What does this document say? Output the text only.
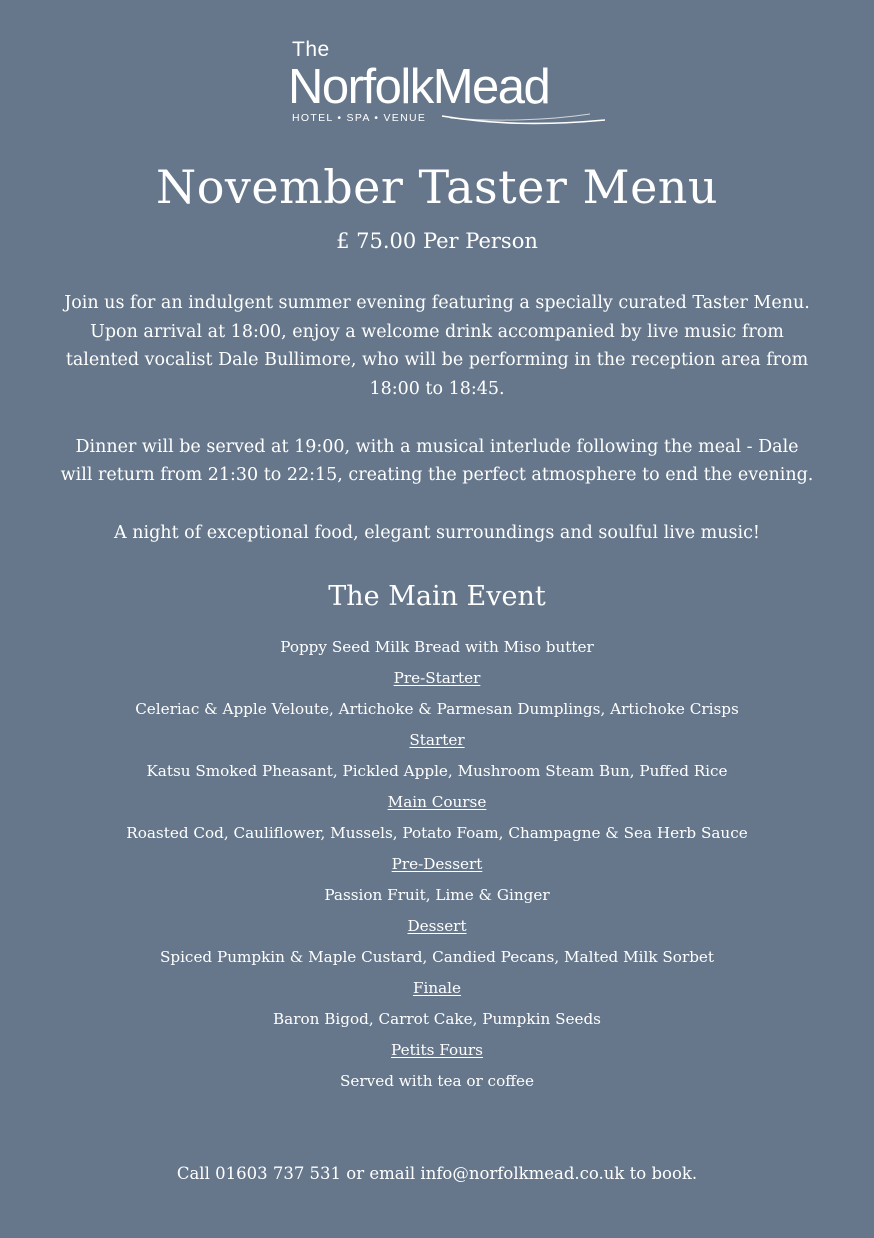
The
NorfolkMead
HOTEL • SPA • VENUE
November Taster Menu
£ 75.00 Per Person

Join us for an indulgent summer evening featuring a specially curated Taster Menu. Upon arrival at 18:00, enjoy a welcome drink accompanied by live music from talented vocalist Dale Bullimore, who will be performing in the reception area from 18:00 to 18:45.

Dinner will be served at 19:00, with a musical interlude following the meal - Dale will return from 21:30 to 22:15, creating the perfect atmosphere to end the evening.

A night of exceptional food, elegant surroundings and soulful live music!

The Main Event
Poppy Seed Milk Bread with Miso butter
Pre-Starter
Celeriac & Apple Veloute, Artichoke & Parmesan Dumplings, Artichoke Crisps
Starter
Katsu Smoked Pheasant, Pickled Apple, Mushroom Steam Bun, Puffed Rice
Main Course
Roasted Cod, Cauliflower, Mussels, Potato Foam, Champagne & Sea Herb Sauce
Pre-Dessert
Passion Fruit, Lime & Ginger
Dessert
Spiced Pumpkin & Maple Custard, Candied Pecans, Malted Milk Sorbet
Finale
Baron Bigod, Carrot Cake, Pumpkin Seeds
Petits Fours
Served with tea or coffee
Call 01603 737 531 or email info@norfolkmead.co.uk to book.
